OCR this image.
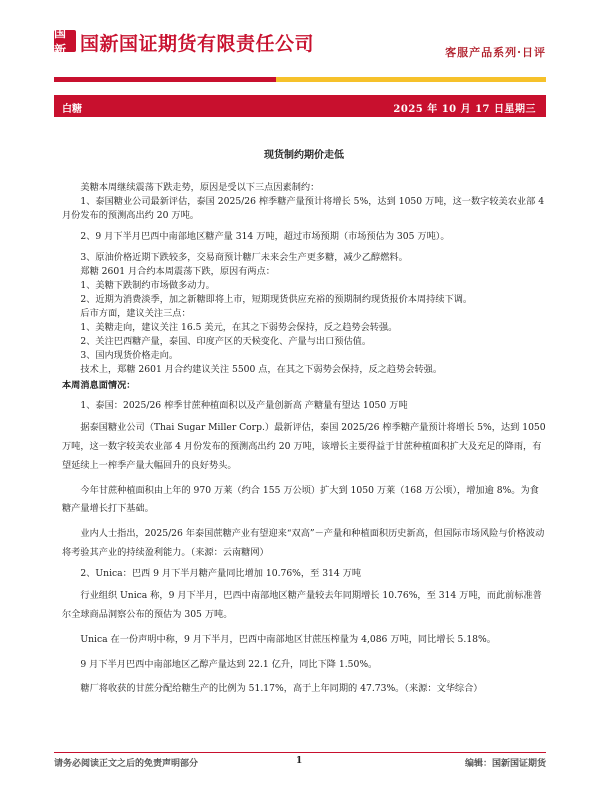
国新 国新国证期货有限责任公司	客服产品系列·日评
白糖	2025 年 10 月 17 日星期三
现货制约期价走低

美糖本周继续震荡下跌走势，原因是受以下三点因素制约：

1、泰国糖业公司最新评估，泰国 2025/26 榨季糖产量预计将增长 5%，达到 1050 万吨，这一数字较美农业部 4 月份发布的预测高出约 20 万吨。

2、9 月下半月巴西中南部地区糖产量 314 万吨，超过市场预期（市场预估为 305 万吨）。

3、原油价格近期下跌较多，交易商预计糖厂未来会生产更多糖，减少乙醇燃料。

郑糖 2601 月合约本周震荡下跌，原因有两点：

1、美糖下跌制约市场做多动力。

2、近期为消费淡季，加之新糖即将上市，短期现货供应充裕的预期制约现货报价本周持续下调。

后市方面，建议关注三点：

1、美糖走向，建议关注 16.5 美元，在其之下弱势会保持，反之趋势会转强。

2、关注巴西糖产量，泰国、印度产区的天候变化、产量与出口预估值。

3、国内现货价格走向。

技术上，郑糖 2601 月合约建议关注 5500 点，在其之下弱势会保持，反之趋势会转强。

本周消息面情况：

1、泰国：2025/26 榨季甘蔗种植面积以及产量创新高 产糖量有望达 1050 万吨

据泰国糖业公司（Thai Sugar Miller Corp.）最新评估，泰国 2025/26 榨季糖产量预计将增长 5%，达到 1050 万吨，这一数字较美农业部 4 月份发布的预测高出约 20 万吨，该增长主要得益于甘蔗种植面积扩大及充足的降雨，有望延续上一榨季产量大幅回升的良好势头。

今年甘蔗种植面积由上年的 970 万莱（约合 155 万公顷）扩大到 1050 万莱（168 万公顷），增加逾 8%。为食糖产量增长打下基础。

业内人士指出，2025/26 年泰国蔗糖产业有望迎来“双高”－产量和种植面积历史新高，但国际市场风险与价格波动将考验其产业的持续盈利能力。（来源：云南糖网）

2、Unica：巴西 9 月下半月糖产量同比增加 10.76%，至 314 万吨

行业组织 Unica 称，9 月下半月，巴西中南部地区糖产量较去年同期增长 10.76%，至 314 万吨，而此前标准普尔全球商品洞察公布的预估为 305 万吨。

Unica 在一份声明中称，9 月下半月，巴西中南部地区甘蔗压榨量为 4,086 万吨，同比增长 5.18%。

9 月下半月巴西中南部地区乙醇产量达到 22.1 亿升，同比下降 1.50%。

糖厂将收获的甘蔗分配给糖生产的比例为 51.17%，高于上年同期的 47.73%。（来源：文华综合）

请务必阅读正文之后的免责声明部分	1	编辑：国新国证期货
